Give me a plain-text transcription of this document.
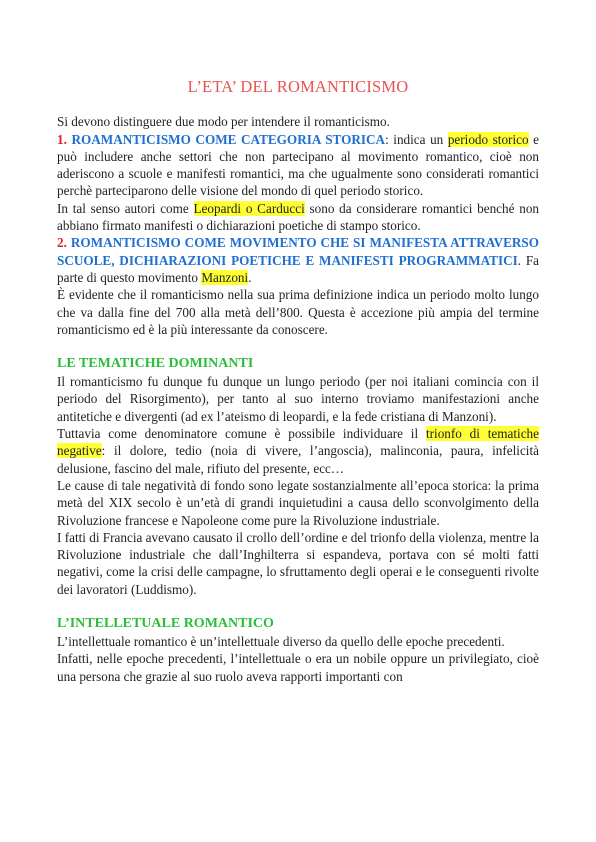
L’ETA’ DEL ROMANTICISMO

Si devono distinguere due modo per intendere il romanticismo.

1. ROAMANTICISMO COME CATEGORIA STORICA: indica un periodo storico e può includere anche settori che non partecipano al movimento romantico, cioè non aderiscono a scuole e manifesti romantici, ma che ugualmente sono considerati romantici perchè parteciparono delle visione del mondo di quel periodo storico.

In tal senso autori come Leopardi o Carducci sono da considerare romantici benché non abbiano firmato manifesti o dichiarazioni poetiche di stampo storico.

2. ROMANTICISMO COME MOVIMENTO CHE SI MANIFESTA ATTRAVERSO SCUOLE, DICHIARAZIONI POETICHE E MANIFESTI PROGRAMMATICI. Fa parte di questo movimento Manzoni.

È evidente che il romanticismo nella sua prima definizione indica un periodo molto lungo che va dalla fine del 700 alla metà dell’800. Questa è accezione più ampia del termine romanticismo ed è la più interessante da conoscere.

LE TEMATICHE DOMINANTI

Il romanticismo fu dunque fu dunque un lungo periodo (per noi italiani comincia con il periodo del Risorgimento), per tanto al suo interno troviamo manifestazioni anche antitetiche e divergenti (ad ex l’ateismo di leopardi, e la fede cristiana di Manzoni).

Tuttavia come denominatore comune è possibile individuare il trionfo di tematiche negative: il dolore, tedio (noia di vivere, l’angoscia), malinconia, paura, infelicità delusione, fascino del male, rifiuto del presente, ecc…

Le cause di tale negatività di fondo sono legate sostanzialmente all’epoca storica: la prima metà del XIX secolo è un’età di grandi inquietudini a causa dello sconvolgimento della Rivoluzione francese e Napoleone come pure la Rivoluzione industriale.

I fatti di Francia avevano causato il crollo dell’ordine e del trionfo della violenza, mentre la Rivoluzione industriale che dall’Inghilterra si espandeva, portava con sé molti fatti negativi, come la crisi delle campagne, lo sfruttamento degli operai e le conseguenti rivolte dei lavoratori (Luddismo).

L’INTELLETUALE ROMANTICO

L’intellettuale romantico è un’intellettuale diverso da quello delle epoche precedenti.

Infatti, nelle epoche precedenti, l’intellettuale o era un nobile oppure un privilegiato, cioè una persona che grazie al suo ruolo aveva rapporti importanti con
